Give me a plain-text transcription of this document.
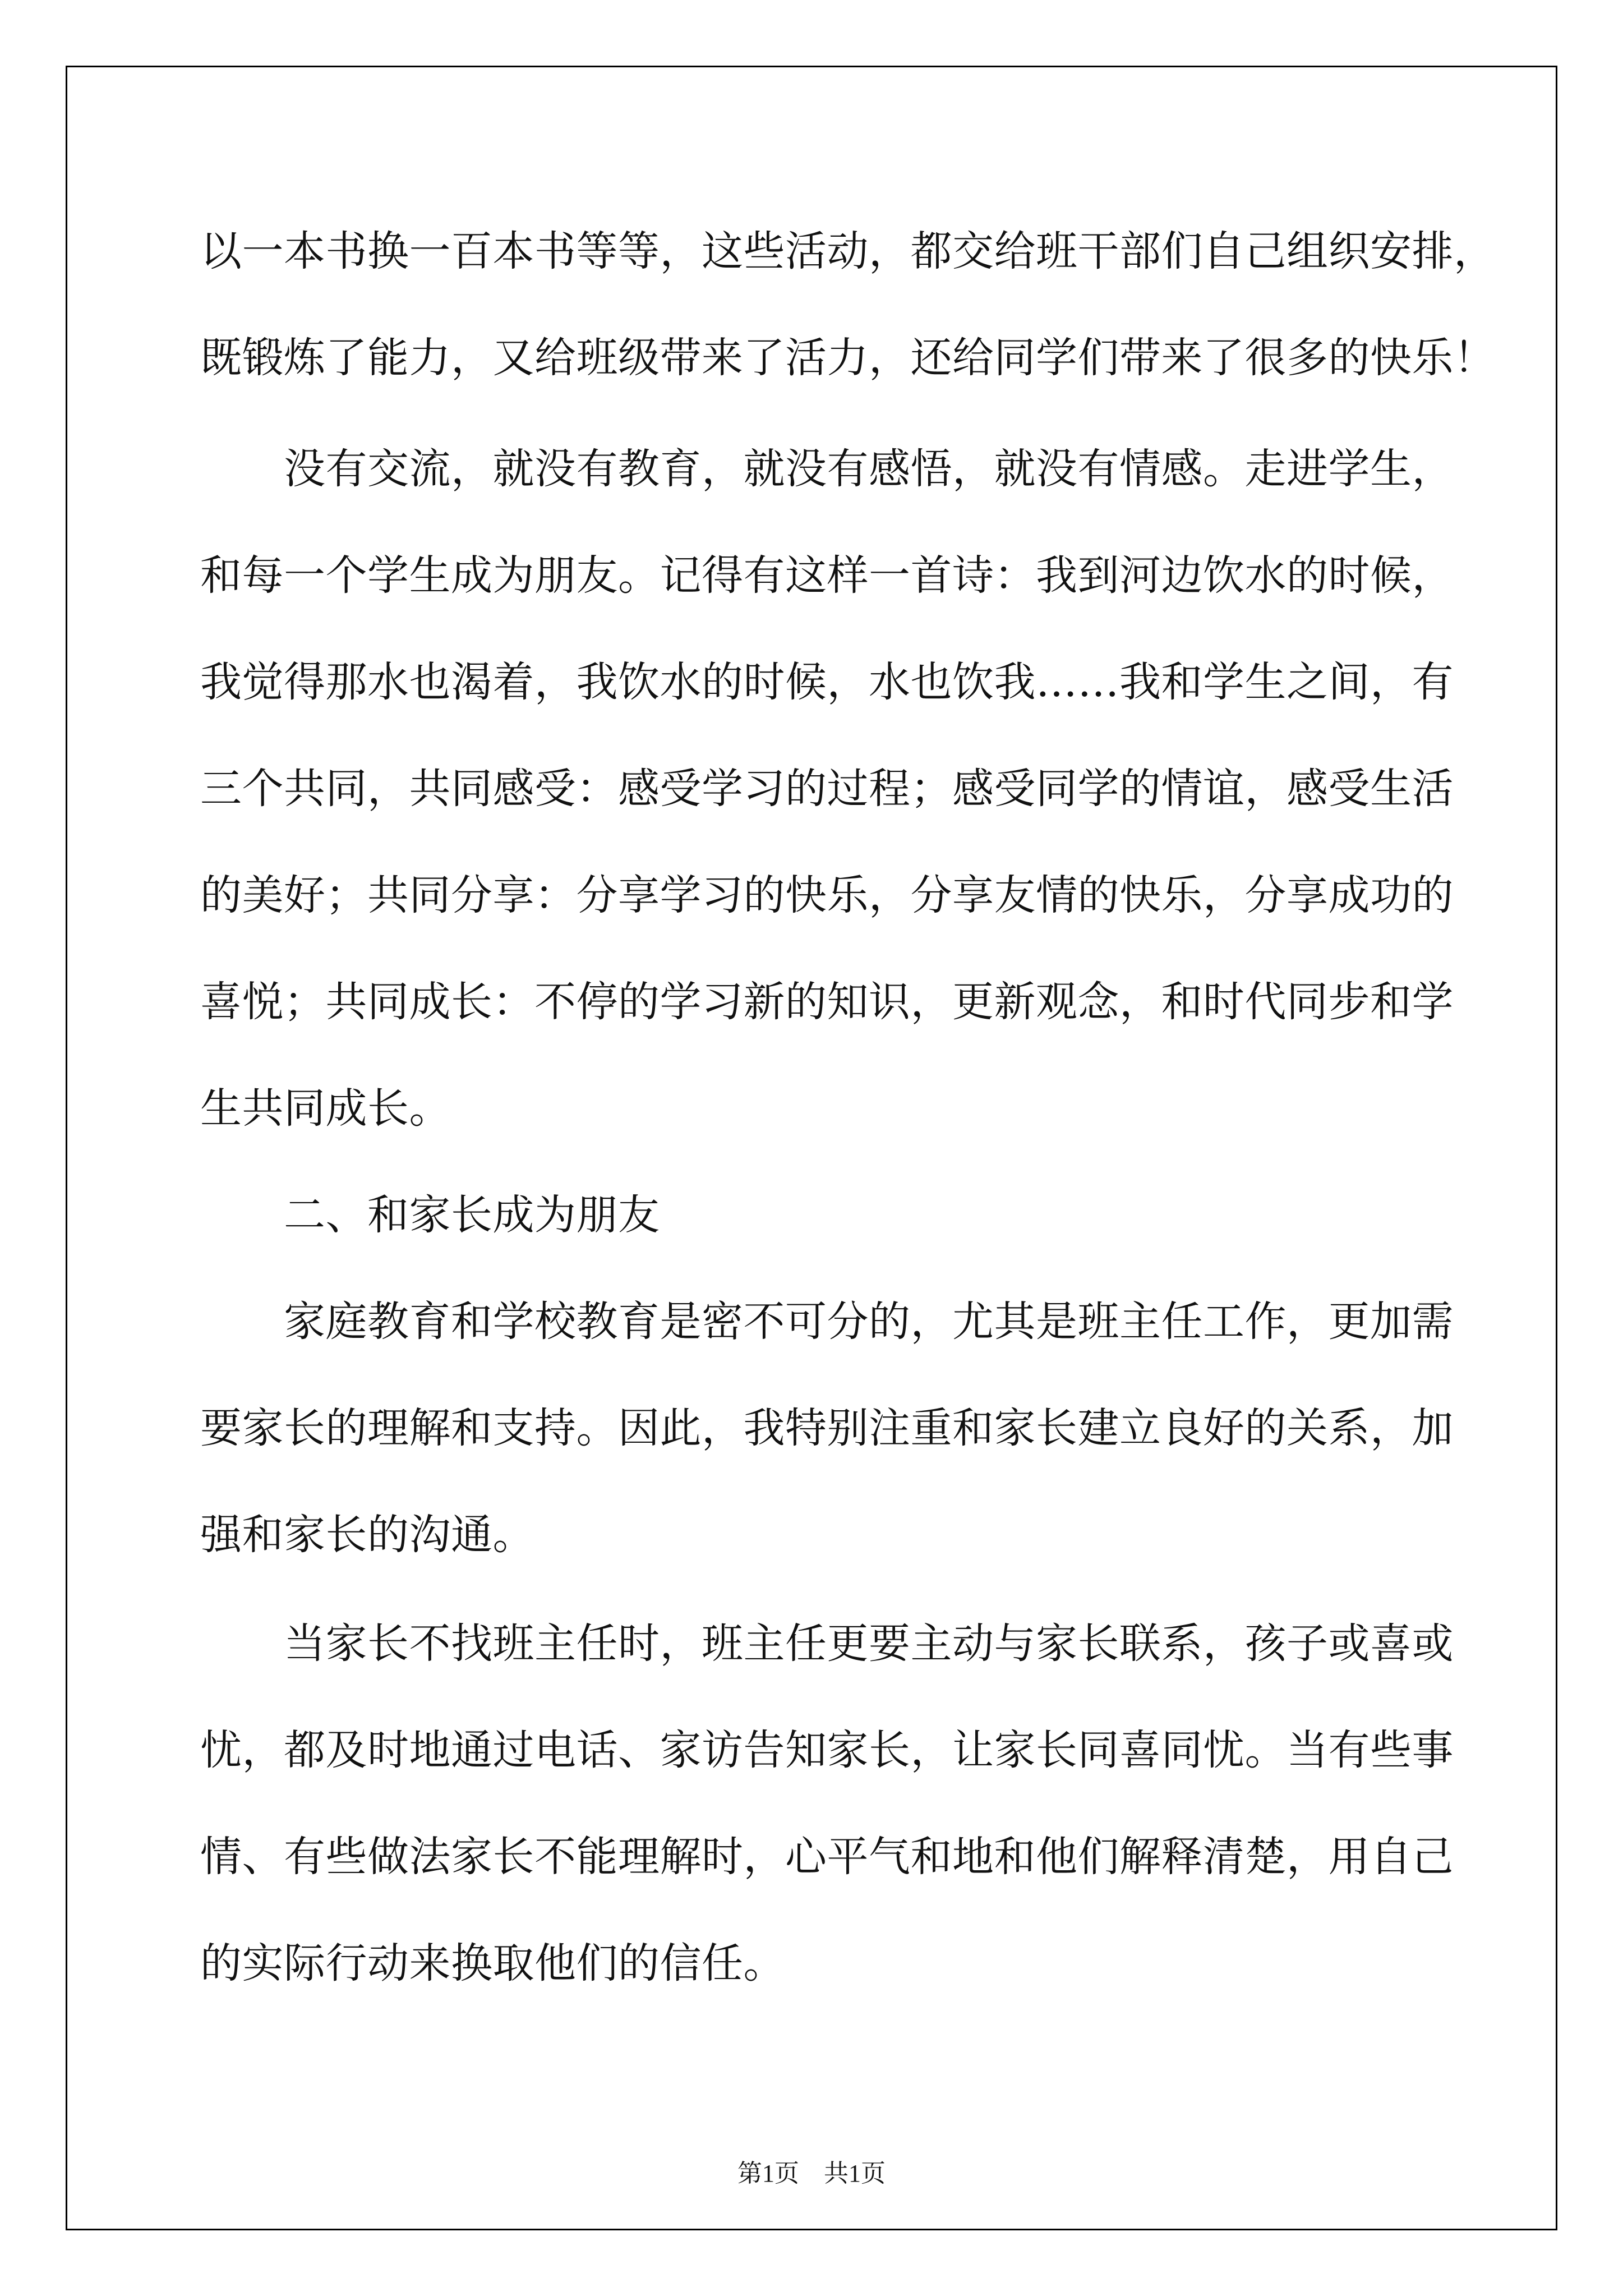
以一本书换一百本书等等，这些活动，都交给班干部们自己组织安排，
既锻炼了能力，又给班级带来了活力，还给同学们带来了很多的快乐！
　　没有交流，就没有教育，就没有感悟，就没有情感。走进学生，
和每一个学生成为朋友。记得有这样一首诗：我到河边饮水的时候，
我觉得那水也渴着，我饮水的时候，水也饮我……我和学生之间，有
三个共同，共同感受：感受学习的过程；感受同学的情谊，感受生活
的美好；共同分享：分享学习的快乐，分享友情的快乐，分享成功的
喜悦；共同成长：不停的学习新的知识，更新观念，和时代同步和学
生共同成长。
　　二、和家长成为朋友
　　家庭教育和学校教育是密不可分的，尤其是班主任工作，更加需
要家长的理解和支持。因此，我特别注重和家长建立良好的关系，加
强和家长的沟通。
　　当家长不找班主任时，班主任更要主动与家长联系，孩子或喜或
忧，都及时地通过电话、家访告知家长，让家长同喜同忧。当有些事
情、有些做法家长不能理解时，心平气和地和他们解释清楚，用自己
的实际行动来换取他们的信任。
第1页　共1页
